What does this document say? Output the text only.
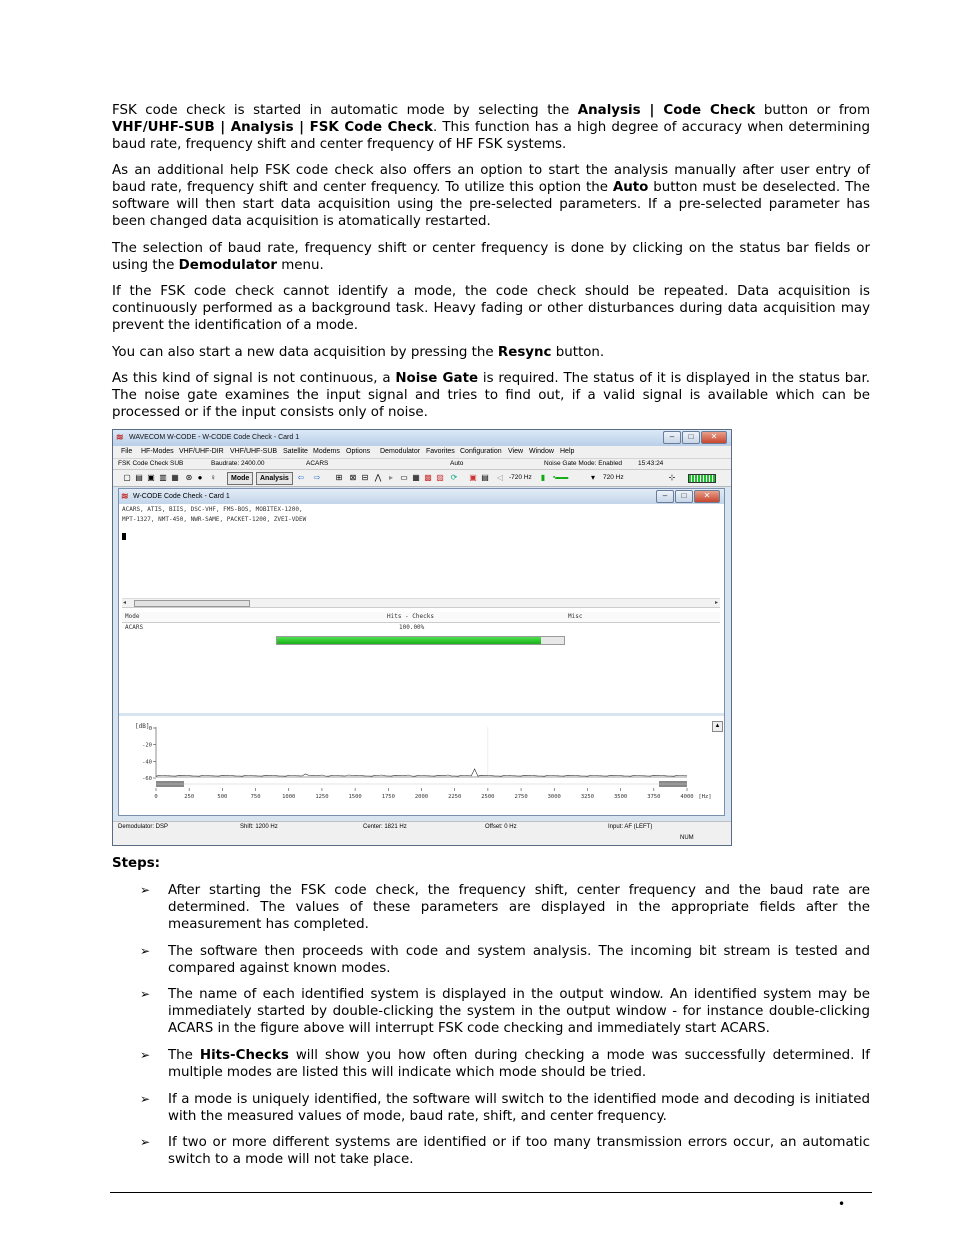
FSK code check is started in automatic mode by selecting the Analysis | Code Check button or from VHF/UHF-SUB | Analysis | FSK Code Check. This function has a high degree of accuracy when determining baud rate, frequency shift and center frequency of HF FSK systems.

As an additional help FSK code check also offers an option to start the analysis manually after user entry of baud rate, frequency shift and center frequency. To utilize this option the Auto button must be deselected. The software will then start data acquisition using the pre-selected parameters. If a pre-selected parameter has been changed data acquisition is atomatically restarted.

The selection of baud rate, frequency shift or center frequency is done by clicking on the status bar fields or using the Demodulator menu.

If the FSK code check cannot identify a mode, the code check should be repeated. Data acquisition is continuously performed as a background task. Heavy fading or other disturbances during data acquisition may prevent the identification of a mode.

You can also start a new data acquisition by pressing the Resync button.

As this kind of signal is not continuous, a Noise Gate is required. The status of it is displayed in the status bar. The noise gate examines the input signal and tries to find out, if a valid signal is available which can be processed or if the input consists only of noise.

≋ WAVECOM W-CODE - W-CODE Code Check - Card 1	–	□	✕
File HF-Modes VHF/UHF-DIR VHF/UHF-SUB Satellite Modems Options Demodulator Favorites Configuration View Window Help
FSK Code Check SUB	Baudrate: 2400.00	ACARS	Auto	Noise Gate Mode: Enabled 15:43:24
▢ ▤ ▣ ▥ ▦ ⊛ ● ♀	Mode	Analysis	⇦ ⇨ ⊞ ⊠ ⊟ ⋀ ▸ ▭ ▦ ▩ ▨ ⟳ ▣ ▤ ◁ -720 Hz ▮ ▪▬▬	▾	720 Hz	⊹
≋ W-CODE Code Check - Card 1	–	□	✕
ACARS, ATIS, BIIS, DSC-VHF, FMS-BOS, MOBITEX-1200,
MPT-1327, NMT-450, NWR-SAME, PACKET-1200, ZVEI-VDEW
◂	▸
Mode	Hits - Checks	Misc
ACARS	100.00%
[dB] 0
-20
-40
-60
0	250	500	750	1000	1250	1500	1750	2000	2250	2500	2750	3000	3250	3500	3750	4000 [Hz]
▲
Demodulator: DSP	Shift: 1200 Hz	Center: 1821 Hz	Offset: 0 Hz	Input: AF (LEFT)
NUM

Steps:

➢ After starting the FSK code check, the frequency shift, center frequency and the baud rate are determined. The values of these parameters are displayed in the appropriate fields after the measurement has completed.

➢ The software then proceeds with code and system analysis. The incoming bit stream is tested and compared against known modes.

➢ The name of each identified system is displayed in the output window. An identified system may be immediately started by double-clicking the system in the output window - for instance double-clicking ACARS in the figure above will interrupt FSK code checking and immediately start ACARS.

➢ The Hits-Checks will show you how often during checking a mode was successfully determined. If multiple modes are listed this will indicate which mode should be tried.

➢ If a mode is uniquely identified, the software will switch to the identified mode and decoding is initiated with the measured values of mode, baud rate, shift, and center frequency.

➢ If two or more different systems are identified or if too many transmission errors occur, an automatic switch to a mode will not take place.

•
